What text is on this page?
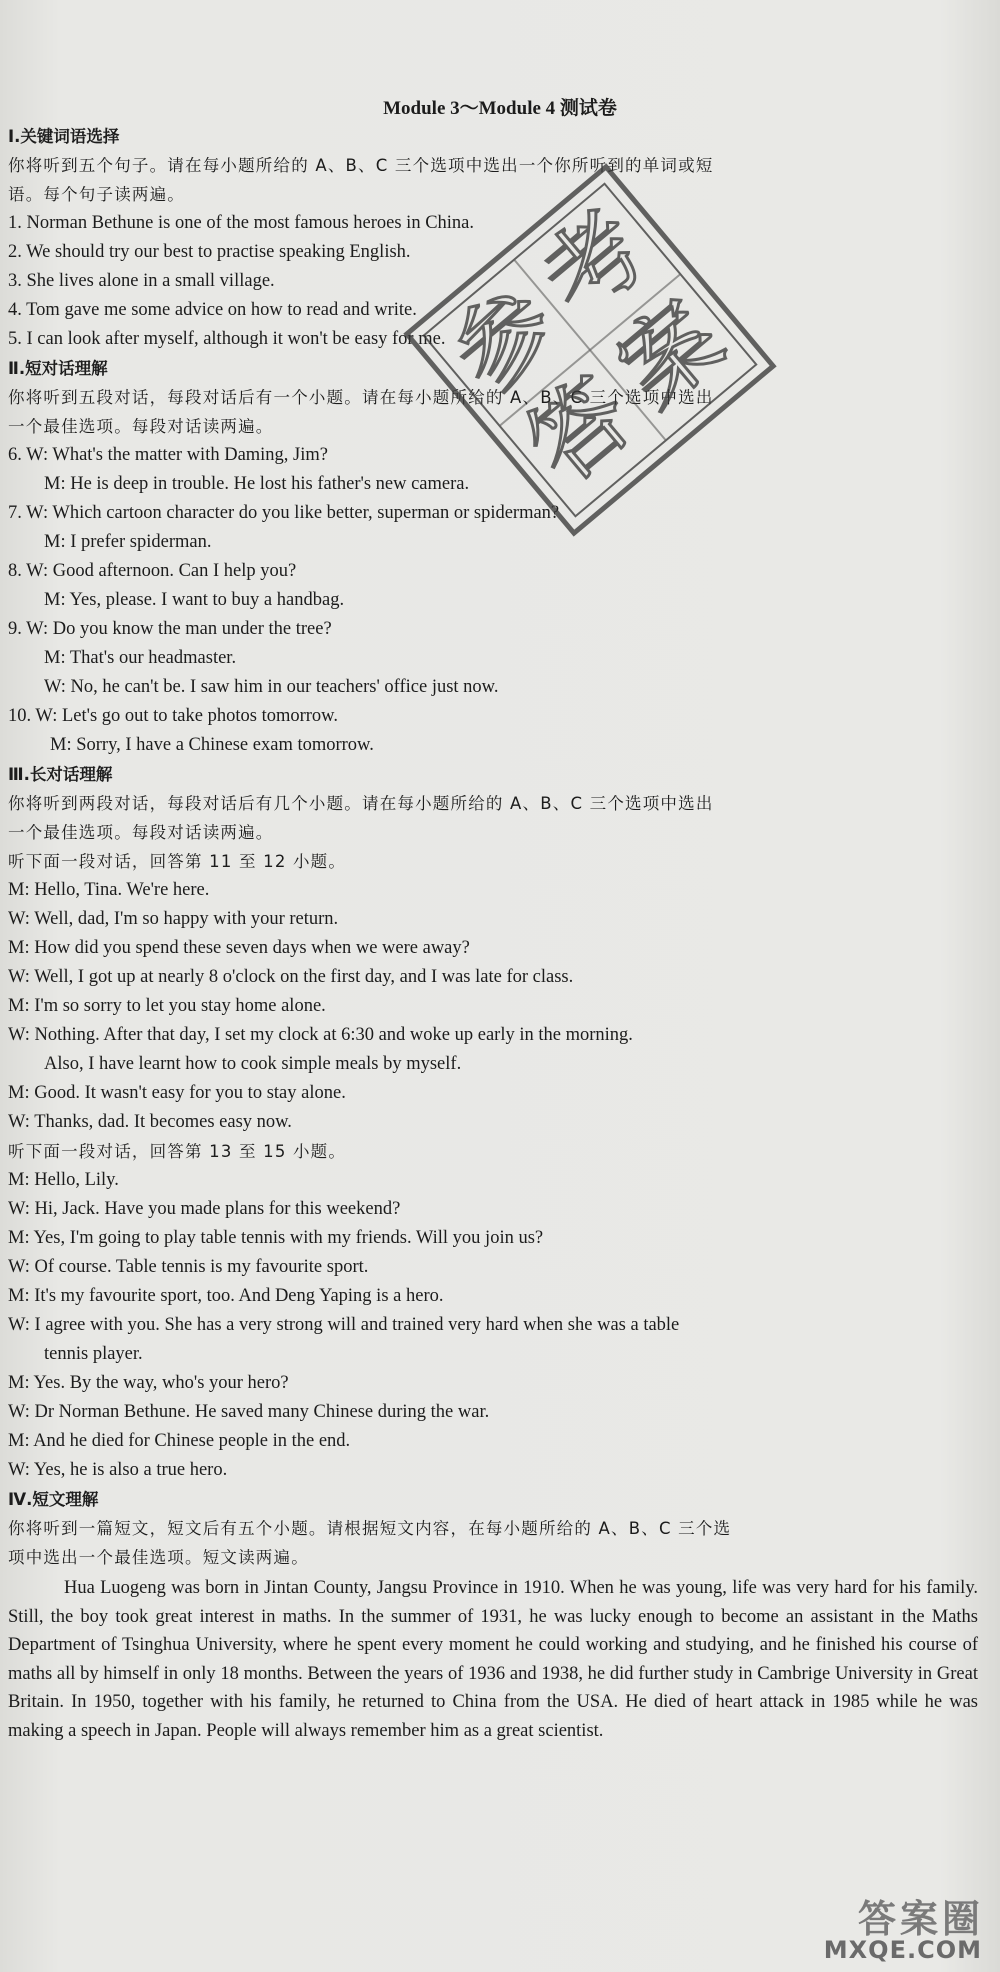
Module 3～Module 4 测试卷
Ⅰ.关键词语选择
你将听到五个句子。请在每小题所给的 A、B、C 三个选项中选出一个你所听到的单词或短
语。每个句子读两遍。
1. Norman Bethune is one of the most famous heroes in China.
2. We should try our best to practise speaking English.
3. She lives alone in a small village.
4. Tom gave me some advice on how to read and write.
5. I can look after myself, although it won't be easy for me.
Ⅱ.短对话理解
你将听到五段对话，每段对话后有一个小题。请在每小题所给的 A、B、C 三个选项中选出
一个最佳选项。每段对话读两遍。
6. W: What's the matter with Daming, Jim?
M: He is deep in trouble. He lost his father's new camera.
7. W: Which cartoon character do you like better, superman or spiderman?
M: I prefer spiderman.
8. W: Good afternoon. Can I help you?
M: Yes, please. I want to buy a handbag.
9. W: Do you know the man under the tree?
M: That's our headmaster.
W: No, he can't be. I saw him in our teachers' office just now.
10. W: Let's go out to take photos tomorrow.
M: Sorry, I have a Chinese exam tomorrow.
Ⅲ.长对话理解
你将听到两段对话，每段对话后有几个小题。请在每小题所给的 A、B、C 三个选项中选出
一个最佳选项。每段对话读两遍。
听下面一段对话，回答第 11 至 12 小题。
M: Hello, Tina. We're here.
W: Well, dad, I'm so happy with your return.
M: How did you spend these seven days when we were away?
W: Well, I got up at nearly 8 o'clock on the first day, and I was late for class.
M: I'm so sorry to let you stay home alone.
W: Nothing. After that day, I set my clock at 6:30 and woke up early in the morning.
Also, I have learnt how to cook simple meals by myself.
M: Good. It wasn't easy for you to stay alone.
W: Thanks, dad. It becomes easy now.
听下面一段对话，回答第 13 至 15 小题。
M: Hello, Lily.
W: Hi, Jack. Have you made plans for this weekend?
M: Yes, I'm going to play table tennis with my friends. Will you join us?
W: Of course. Table tennis is my favourite sport.
M: It's my favourite sport, too. And Deng Yaping is a hero.
W: I agree with you. She has a very strong will and trained very hard when she was a table
tennis player.
M: Yes. By the way, who's your hero?
W: Dr Norman Bethune. He saved many Chinese during the war.
M: And he died for Chinese people in the end.
W: Yes, he is also a true hero.
Ⅳ.短文理解
你将听到一篇短文，短文后有五个小题。请根据短文内容，在每小题所给的 A、B、C 三个选
项中选出一个最佳选项。短文读两遍。
Hua Luogeng was born in Jintan County, Jangsu Province in 1910. When he was young, life was very hard for his family. Still, the boy took great interest in maths. In the summer of 1931, he was lucky enough to become an assistant in the Maths Department of Tsinghua University, where he spent every moment he could working and studying, and he finished his course of maths all by himself in only 18 months. Between the years of 1936 and 1938, he did further study in Cambrige University in Great Britain. In 1950, together with his family, he returned to China from the USA. He died of heart attack in 1985 while he was making a speech in Japan. People will always remember him as a great scientist.
参
考
答
案
答案圈
MXQE.COM
